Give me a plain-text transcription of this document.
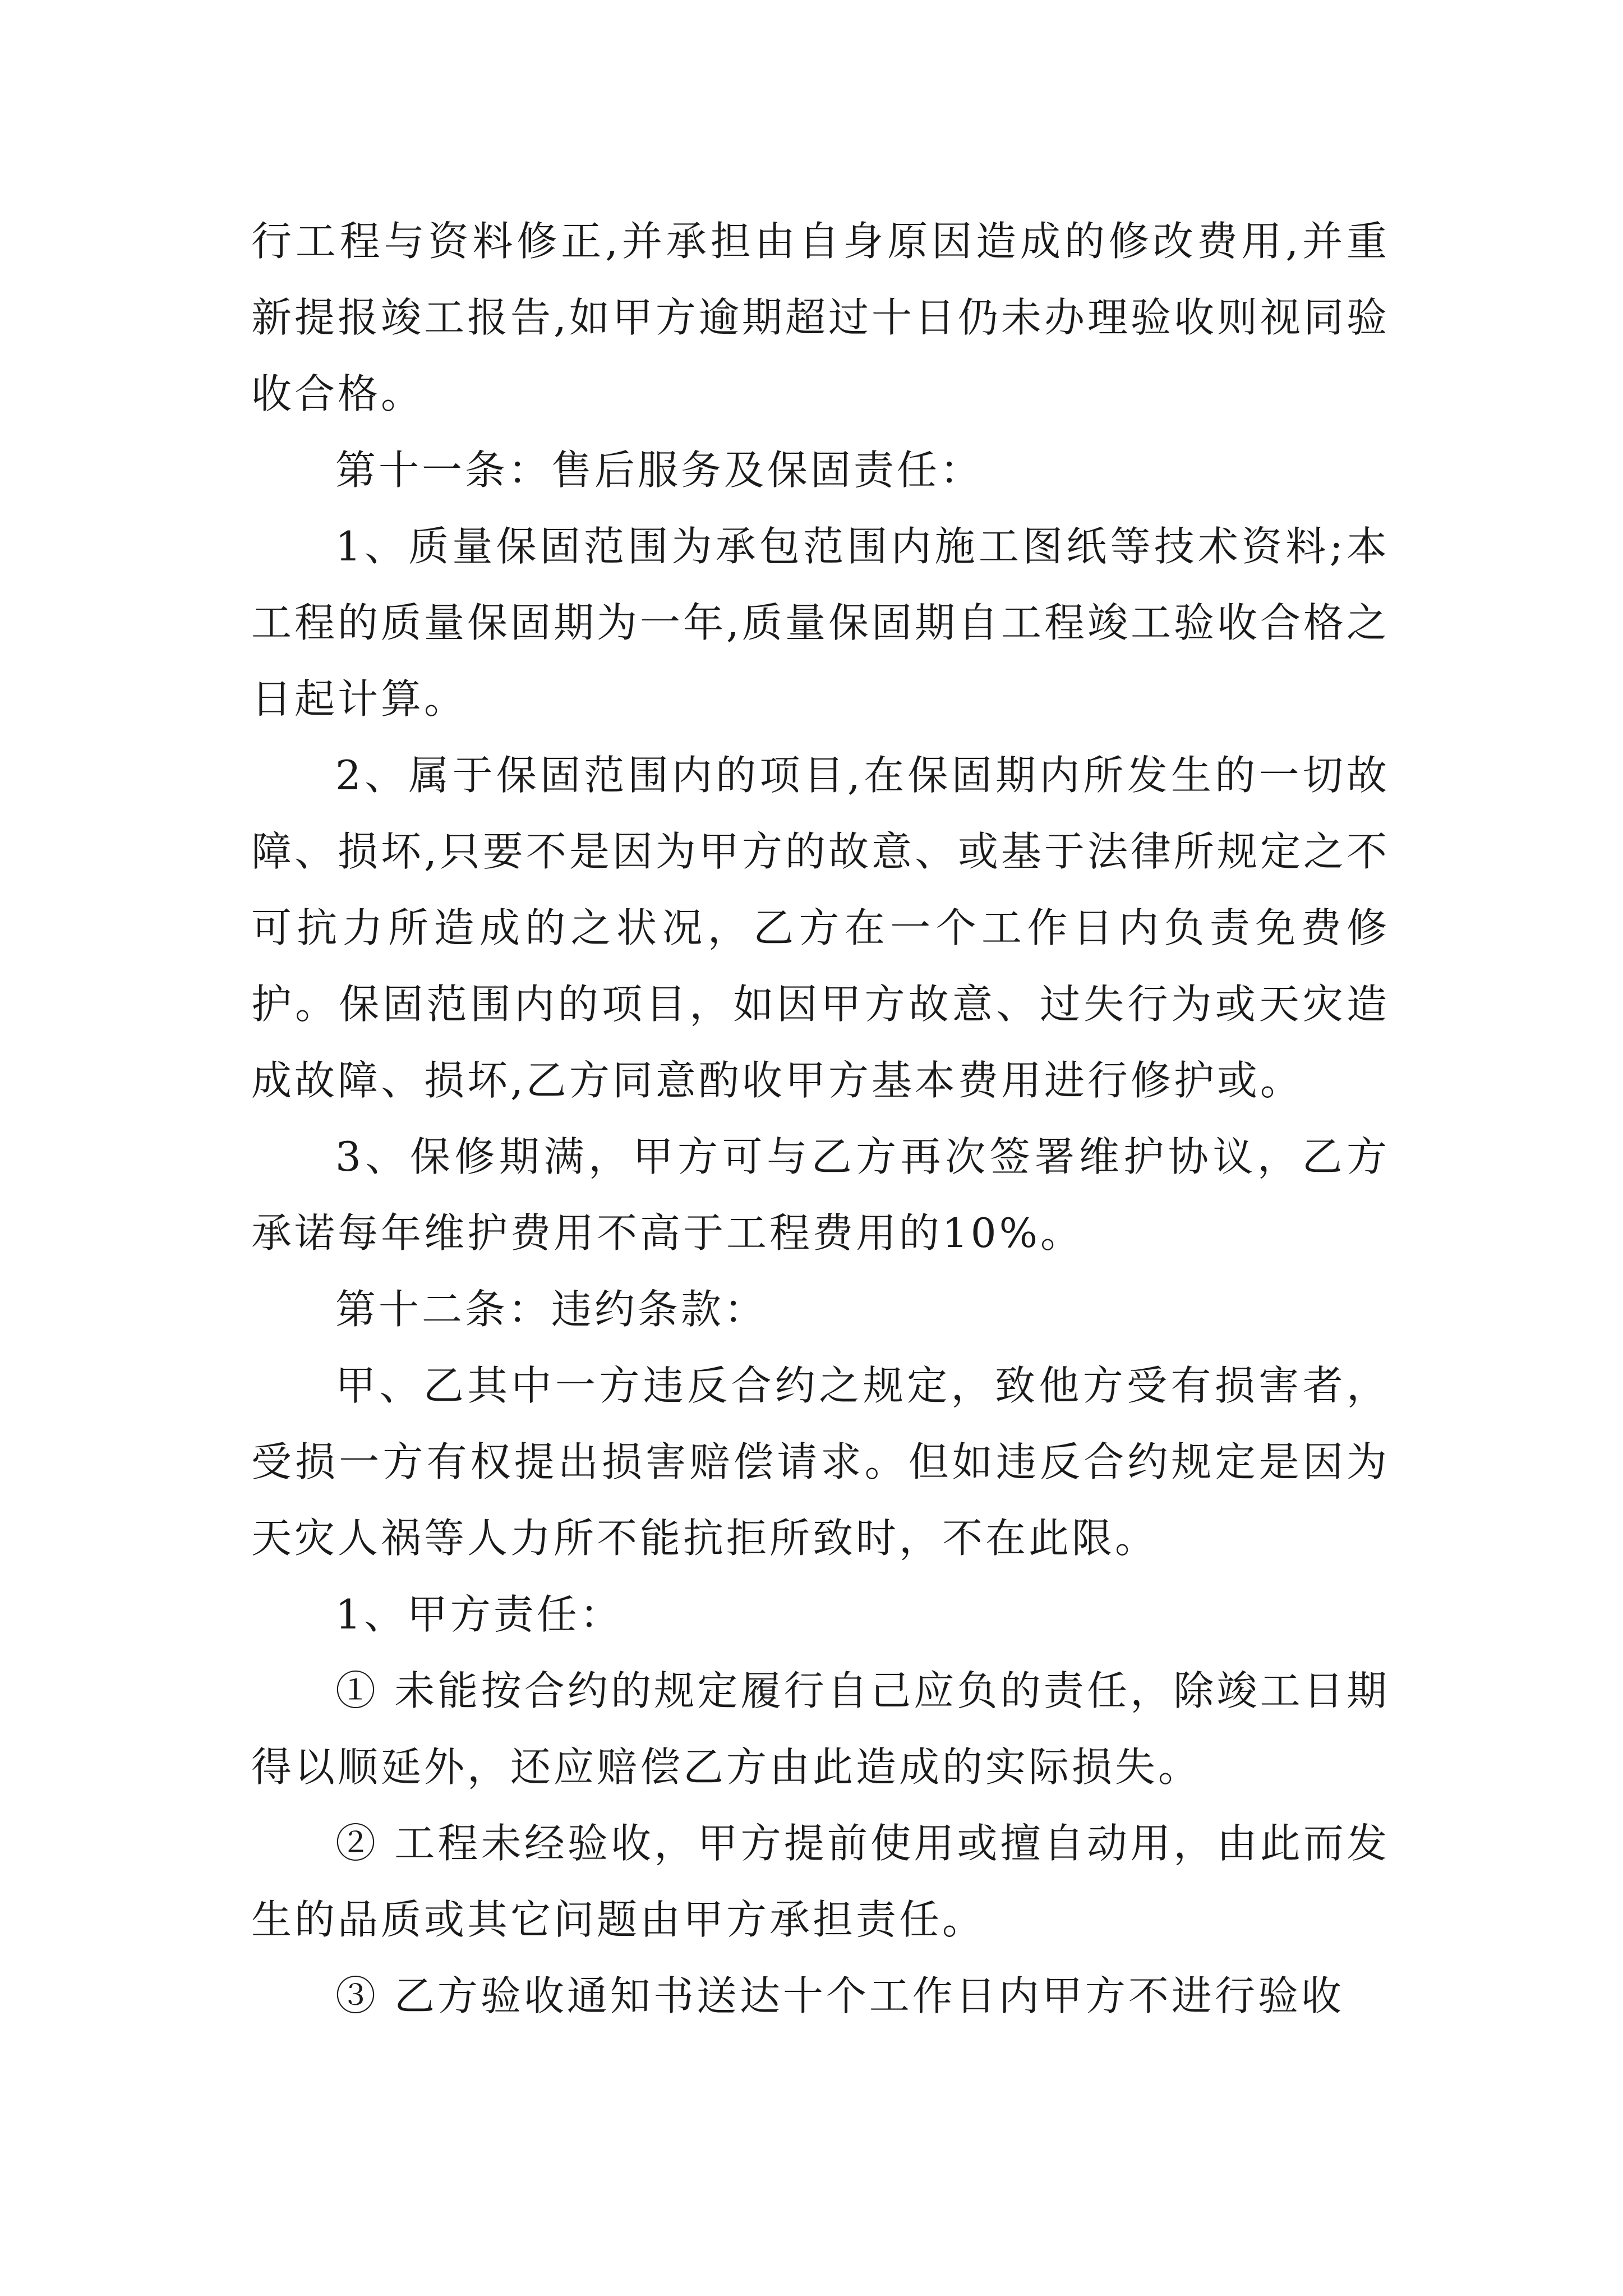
行工程与资料修正,并承担由自身原因造成的修改费用,并重新提报竣工报告,如甲方逾期超过十日仍未办理验收则视同验收合格。

第十一条：售后服务及保固责任：

1、质量保固范围为承包范围内施工图纸等技术资料;本工程的质量保固期为一年,质量保固期自工程竣工验收合格之日起计算。

2、属于保固范围内的项目,在保固期内所发生的一切故障、损坏,只要不是因为甲方的故意、或基于法律所规定之不可抗力所造成的之状况，乙方在一个工作日内负责免费修护。保固范围内的项目，如因甲方故意、过失行为或天灾造成故障、损坏,乙方同意酌收甲方基本费用进行修护或。

3、保修期满，甲方可与乙方再次签署维护协议，乙方承诺每年维护费用不高于工程费用的10%。

第十二条：违约条款：

甲、乙其中一方违反合约之规定，致他方受有损害者，受损一方有权提出损害赔偿请求。但如违反合约规定是因为天灾人祸等人力所不能抗拒所致时，不在此限。

1、甲方责任：

① 未能按合约的规定履行自己应负的责任，除竣工日期得以顺延外，还应赔偿乙方由此造成的实际损失。

② 工程未经验收，甲方提前使用或擅自动用，由此而发生的品质或其它问题由甲方承担责任。

③ 乙方验收通知书送达十个工作日内甲方不进行验收
